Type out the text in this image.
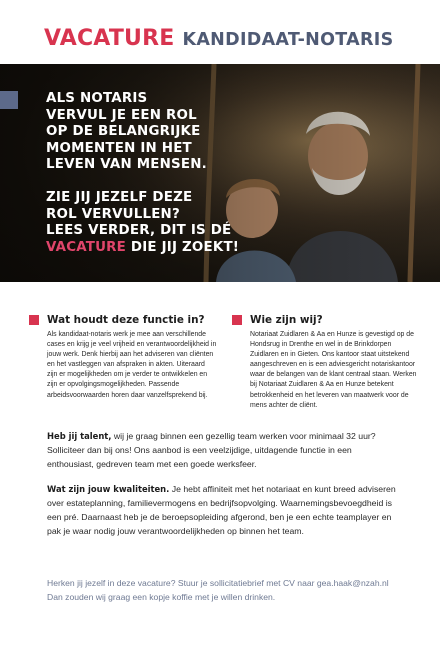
VACATURE KANDIDAAT-NOTARIS

ALS NOTARIS
VERVUL JE EEN ROL
OP DE BELANGRIJKE
MOMENTEN IN HET
LEVEN VAN MENSEN.

ZIE JIJ JEZELF DEZE
ROL VERVULLEN?
LEES VERDER, DIT IS DÉ
VACATURE DIE JIJ ZOEKT!

Wat houdt deze functie in?

Als kandidaat-notaris werk je mee aan verschillende cases en krijg je veel vrijheid en verantwoordelijkheid in jouw werk. Denk hierbij aan het adviseren van cliënten en het vastleggen van afspraken in akten. Uiteraard zijn er mogelijkheden om je verder te ontwikkelen en zijn er opvolgingsmogelijkheden. Passende arbeidsvoorwaarden horen daar vanzelfsprekend bij.

Wie zijn wij?

Notariaat Zuidlaren & Aa en Hunze is gevestigd op de Hondsrug in Drenthe en wel in de Brinkdorpen Zuidlaren en in Gieten. Ons kantoor staat uitstekend aangeschreven en is een adviesgericht notariskantoor waar de belangen van de klant centraal staan. Werken bij Notariaat Zuidlaren & Aa en Hunze betekent betrokkenheid en het leveren van maatwerk voor de mens achter de cliënt.

Heb jij talent, wij je graag binnen een gezellig team werken voor minimaal 32 uur? Solliciteer dan bij ons! Ons aanbod is een veelzijdige, uitdagende functie in een enthousiast, gedreven team met een goede werksfeer.

Wat zijn jouw kwaliteiten. Je hebt affiniteit met het notariaat en kunt breed adviseren over estateplanning, familievermogens en bedrijfsopvolging. Waarnemingsbevoegdheid is een pré. Daarnaast heb je de beroepsopleiding afgerond, ben je een echte teamplayer en pak je waar nodig jouw verantwoordelijkheden op binnen het team.

Herken jij jezelf in deze vacature? Stuur je sollicitatiebrief met CV naar gea.haak@nzah.nl
Dan zouden wij graag een kopje koffie met je willen drinken.
